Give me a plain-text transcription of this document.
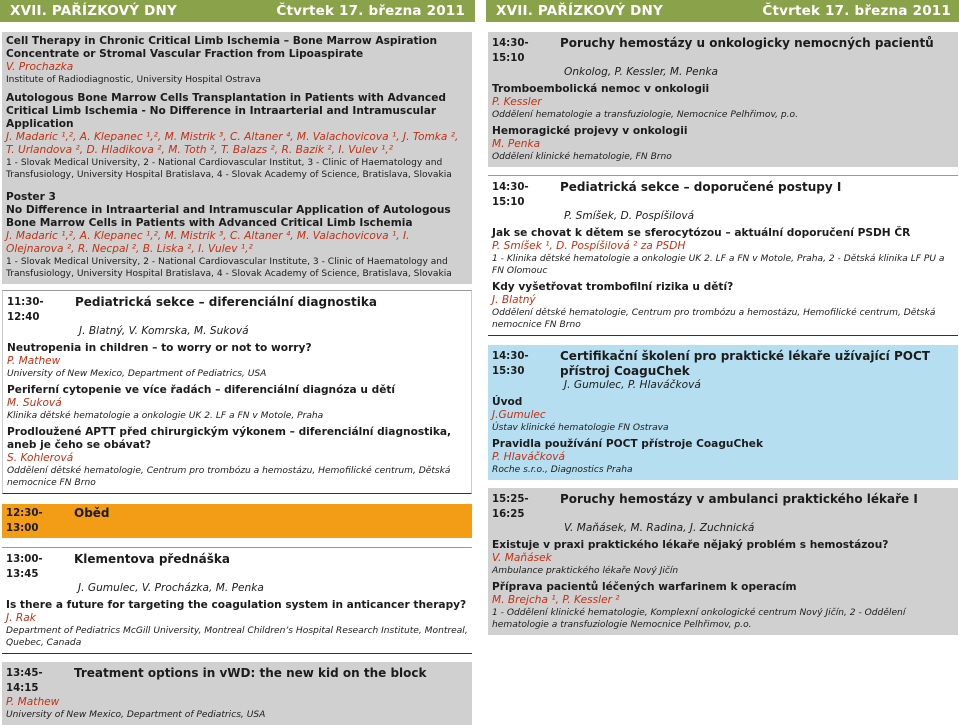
XVII. PAŘÍZKOVÝ DNY	Čtvrtek 17. března 2011
Cell Therapy in Chronic Critical Limb Ischemia – Bone Marrow Aspiration Concentrate or Stromal Vascular Fraction from Lipoaspirate
V. Prochazka
Institute of Radiodiagnostic, University Hospital Ostrava
Autologous Bone Marrow Cells Transplantation in Patients with Advanced Critical Limb Ischemia - No Difference in Intraarterial and Intramuscular Application
J. Madaric ¹,², A. Klepanec ¹,², M. Mistrik ³, C. Altaner ⁴, M. Valachovicova ¹, J. Tomka ², T. Urlandova ², D. Hladikova ², M. Toth ², T. Balazs ², R. Bazik ², I. Vulev ¹,²
1 - Slovak Medical University, 2 - National Cardiovascular Institut, 3 - Clinic of Haematology and Transfusiology, University Hospital Bratislava, 4 - Slovak Academy of Science, Bratislava, Slovakia
Poster 3
No Difference in Intraarterial and Intramuscular Application of Autologous Bone Marrow Cells in Patients with Advanced Critical Limb Ischemia
J. Madaric ¹,², A. Klepanec ¹,², M. Mistrik ³, C. Altaner ⁴, M. Valachovicova ¹, I. Olejnarova ², R. Necpal ², B. Liska ², I. Vulev ¹,²
1 - Slovak Medical University, 2 - National Cardiovascular Institute, 3 - Clinic of Haematology and Transfusiology, University Hospital Bratislava, 4 - Slovak Academy of Science, Bratislava, Slovakia
11:30-12:40
Pediatrická sekce – diferenciální diagnostika
J. Blatný, V. Komrska, M. Suková
Neutropenia in children – to worry or not to worry?
P. Mathew
University of New Mexico, Department of Pediatrics, USA
Periferní cytopenie ve více řadách – diferenciální diagnóza u dětí
M. Suková
Klinika dětské hematologie a onkologie UK 2. LF a FN v Motole, Praha
Prodloužené APTT před chirurgickým výkonem – diferenciální diagnostika, aneb je čeho se obávat?
S. Kohlerová
Oddělení dětské hematologie, Centrum pro trombózu a hemostázu, Hemofilické centrum, Dětská nemocnice FN Brno
12:30-13:00
Oběd
13:00-13:45
Klementova přednáška
J. Gumulec, V. Procházka, M. Penka
Is there a future for targeting the coagulation system in anticancer therapy?
J. Rak
Department of Pediatrics McGill University, Montreal Children’s Hospital Research Institute, Montreal, Quebec, Canada
13:45-14:15
Treatment options in vWD: the new kid on the block
P. Mathew
University of New Mexico, Department of Pediatrics, USA
XVII. PAŘÍZKOVÝ DNY	Čtvrtek 17. března 2011
14:30-15:10
Poruchy hemostázy u onkologicky nemocných pacientů
Onkolog, P. Kessler, M. Penka
Tromboembolická nemoc v onkologii
P. Kessler
Oddělení hematologie a transfuziologie, Nemocnice Pelhřimov, p.o.
Hemoragické projevy v onkologii
M. Penka
Oddělení klinické hematologie, FN Brno
14:30-15:10
Pediatrická sekce – doporučené postupy I
P. Smíšek, D. Pospíšilová
Jak se chovat k dětem se sferocytózou – aktuální doporučení PSDH ČR
P. Smíšek ¹, D. Pospíšilová ² za PSDH
1 - Klinika dětské hematologie a onkologie UK 2. LF a FN v Motole, Praha, 2 - Dětská klinika LF PU a FN Olomouc
Kdy vyšetřovat trombofilní rizika u dětí?
J. Blatný
Oddělení dětské hematologie, Centrum pro trombózu a hemostázu, Hemofilické centrum, Dětská nemocnice FN Brno
14:30-15:30
Certifikační školení pro praktické lékaře užívající POCT přístroj CoaguChek
J. Gumulec, P. Hlaváčková
Úvod
J.Gumulec
Ústav klinické hematologie FN Ostrava
Pravidla používání POCT přístroje CoaguChek
P. Hlaváčková
Roche s.r.o., Diagnostics Praha
15:25-16:25
Poruchy hemostázy v ambulanci praktického lékaře I
V. Maňásek, M. Radina, J. Zuchnická
Existuje v praxi praktického lékaře nějaký problém s hemostázou?
V. Maňásek
Ambulance praktického lékaře Nový Jičín
Příprava pacientů léčených warfarinem k operacím
M. Brejcha ¹, P. Kessler ²
1 - Oddělení klinické hematologie, Komplexní onkologické centrum Nový Jičín, 2 - Oddělení hematologie a transfuziologie Nemocnice Pelhřimov, p.o.
